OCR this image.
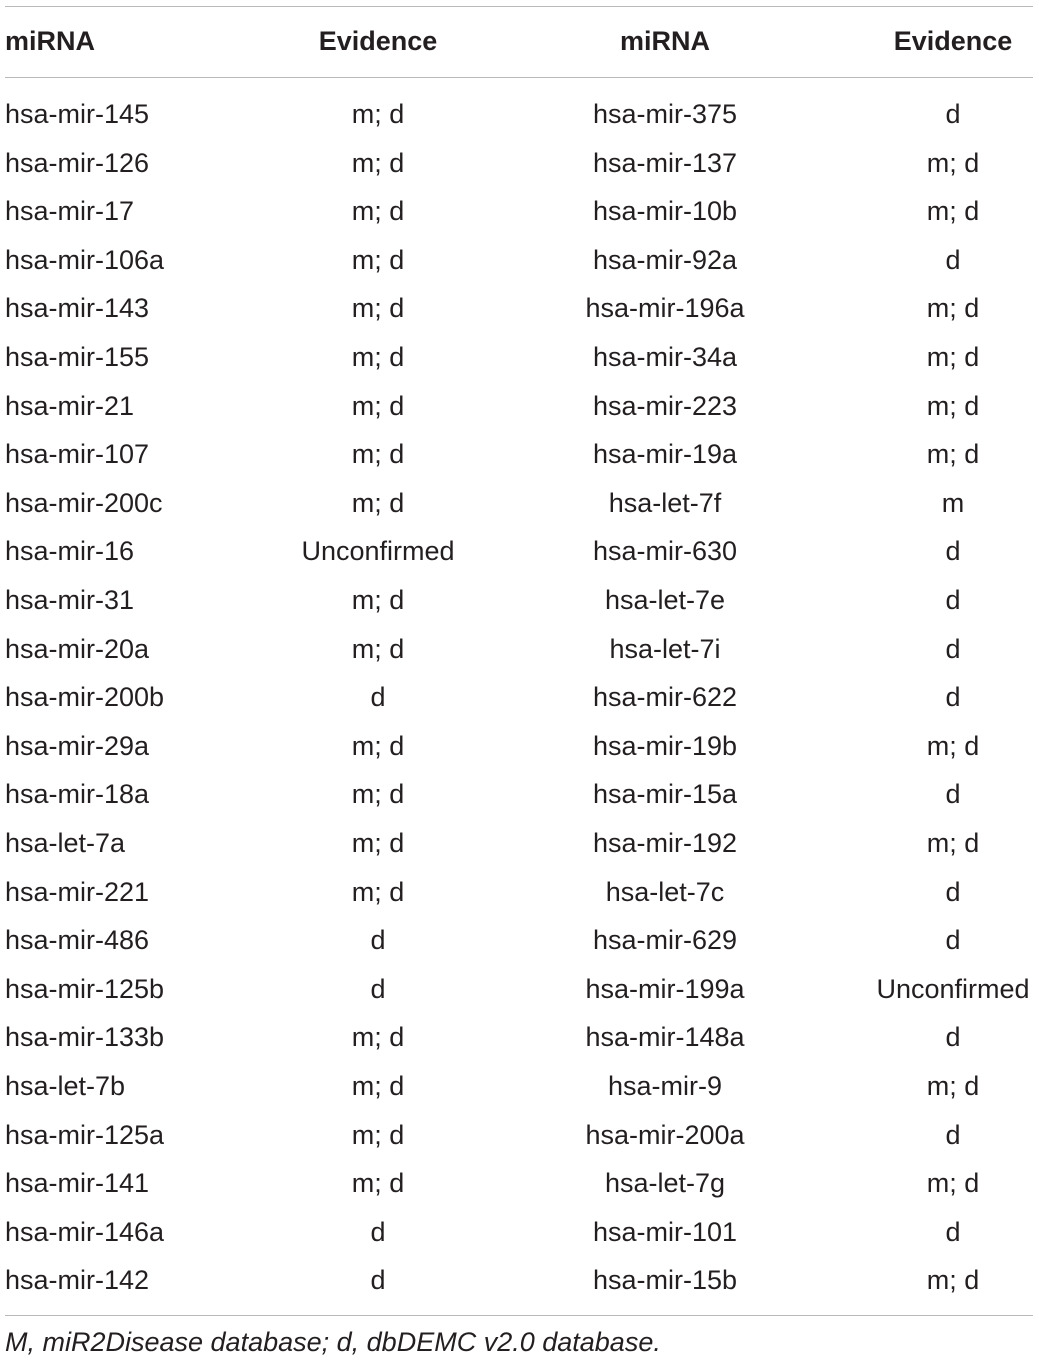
miRNA	Evidence	miRNA	Evidence
hsa-mir-145	m; d	hsa-mir-375	d
hsa-mir-126	m; d	hsa-mir-137	m; d
hsa-mir-17	m; d	hsa-mir-10b	m; d
hsa-mir-106a	m; d	hsa-mir-92a	d
hsa-mir-143	m; d	hsa-mir-196a	m; d
hsa-mir-155	m; d	hsa-mir-34a	m; d
hsa-mir-21	m; d	hsa-mir-223	m; d
hsa-mir-107	m; d	hsa-mir-19a	m; d
hsa-mir-200c	m; d	hsa-let-7f	m
hsa-mir-16	Unconfirmed	hsa-mir-630	d
hsa-mir-31	m; d	hsa-let-7e	d
hsa-mir-20a	m; d	hsa-let-7i	d
hsa-mir-200b	d	hsa-mir-622	d
hsa-mir-29a	m; d	hsa-mir-19b	m; d
hsa-mir-18a	m; d	hsa-mir-15a	d
hsa-let-7a	m; d	hsa-mir-192	m; d
hsa-mir-221	m; d	hsa-let-7c	d
hsa-mir-486	d	hsa-mir-629	d
hsa-mir-125b	d	hsa-mir-199a	Unconfirmed
hsa-mir-133b	m; d	hsa-mir-148a	d
hsa-let-7b	m; d	hsa-mir-9	m; d
hsa-mir-125a	m; d	hsa-mir-200a	d
hsa-mir-141	m; d	hsa-let-7g	m; d
hsa-mir-146a	d	hsa-mir-101	d
hsa-mir-142	d	hsa-mir-15b	m; d
M, miR2Disease database; d, dbDEMC v2.0 database.
